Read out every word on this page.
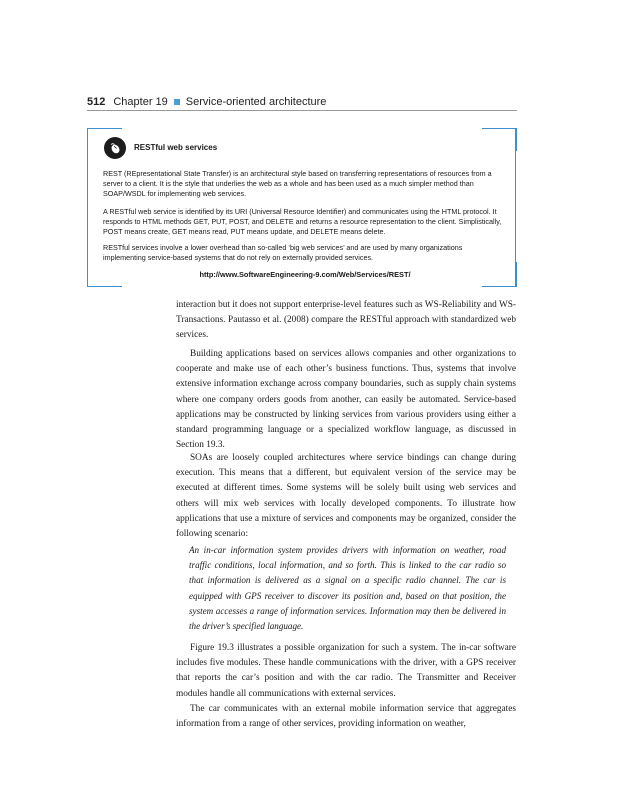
512 Chapter 19 Service-oriented architecture
RESTful web services

REST (REpresentational State Transfer) is an architectural style based on transferring representations of resources from a server to a client. It is the style that underlies the web as a whole and has been used as a much simpler method than SOAP/WSDL for implementing web services.

A RESTful web service is identified by its URI (Universal Resource Identifier) and communicates using the HTML protocol. It responds to HTML methods GET, PUT, POST, and DELETE and returns a resource representation to the client. Simplistically, POST means create, GET means read, PUT means update, and DELETE means delete.

RESTful services involve a lower overhead than so-called ‘big web services’ and are used by many organizations implementing service-based systems that do not rely on externally provided services.

http://www.SoftwareEngineering-9.com/Web/Services/REST/

interaction but it does not support enterprise-level features such as WS-Reliability and WS-Transactions. Pautasso et al. (2008) compare the RESTful approach with standardized web services.

Building applications based on services allows companies and other organizations to cooperate and make use of each other’s business functions. Thus, systems that involve extensive information exchange across company boundaries, such as supply chain systems where one company orders goods from another, can easily be automated. Service-based applications may be constructed by linking services from various providers using either a standard programming language or a specialized workflow language, as discussed in Section 19.3.

SOAs are loosely coupled architectures where service bindings can change during execution. This means that a different, but equivalent version of the service may be executed at different times. Some systems will be solely built using web services and others will mix web services with locally developed components. To illustrate how applications that use a mixture of services and components may be organized, consider the following scenario:

An in-car information system provides drivers with information on weather, road traffic conditions, local information, and so forth. This is linked to the car radio so that information is delivered as a signal on a specific radio channel. The car is equipped with GPS receiver to discover its position and, based on that position, the system accesses a range of information services. Information may then be delivered in the driver’s specified language.

Figure 19.3 illustrates a possible organization for such a system. The in-car software includes five modules. These handle communications with the driver, with a GPS receiver that reports the car’s position and with the car radio. The Transmitter and Receiver modules handle all communications with external services.

The car communicates with an external mobile information service that aggregates information from a range of other services, providing information on weather,
